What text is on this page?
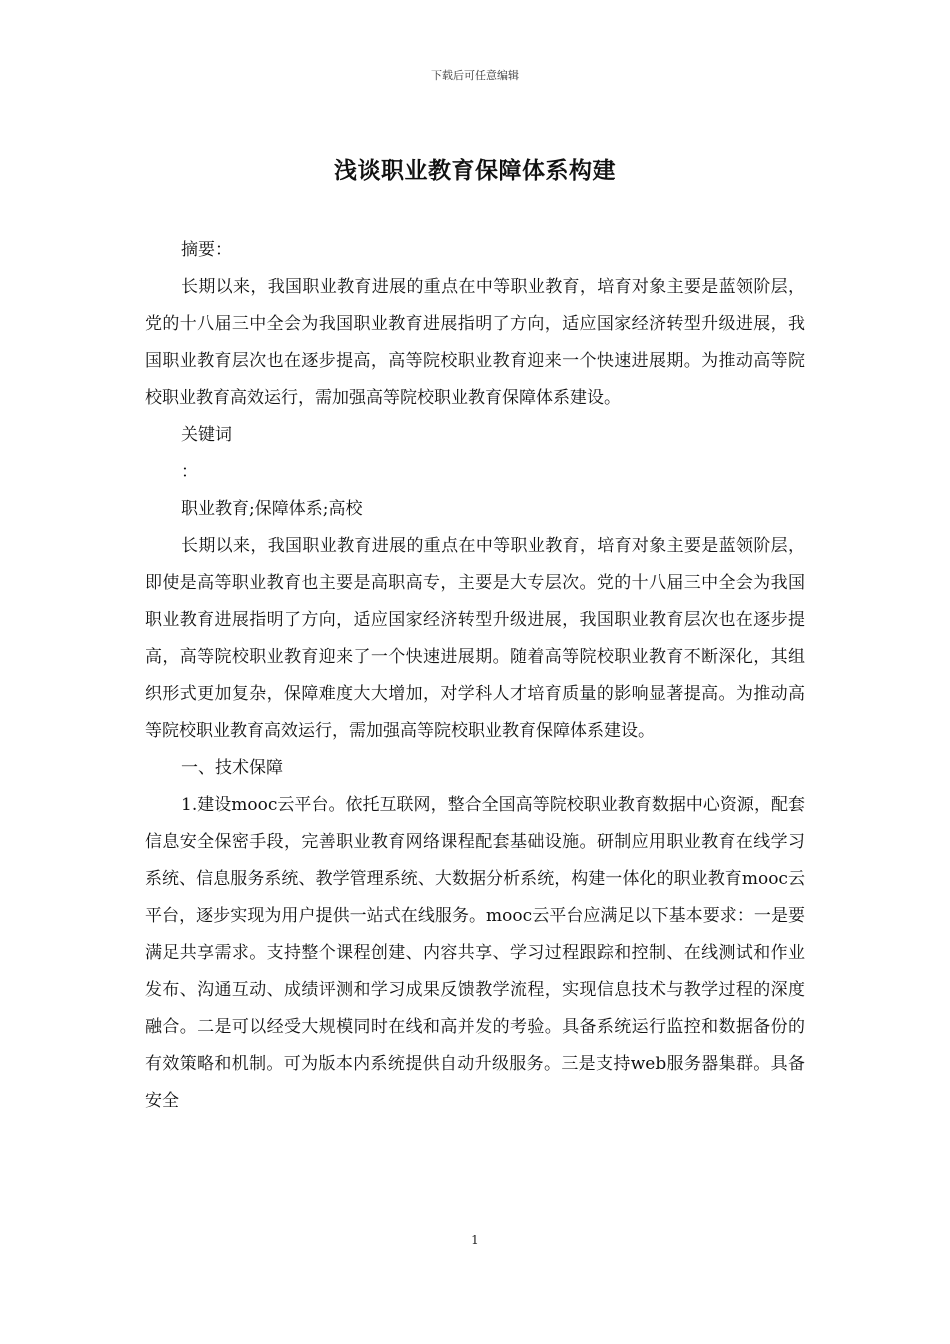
下载后可任意编辑
浅谈职业教育保障体系构建

摘要：

长期以来，我国职业教育进展的重点在中等职业教育，培育对象主要是蓝领阶层，党的十八届三中全会为我国职业教育进展指明了方向，适应国家经济转型升级进展，我国职业教育层次也在逐步提高，高等院校职业教育迎来一个快速进展期。为推动高等院校职业教育高效运行，需加强高等院校职业教育保障体系建设。

关键词

：

职业教育;保障体系;高校

长期以来，我国职业教育进展的重点在中等职业教育，培育对象主要是蓝领阶层，即使是高等职业教育也主要是高职高专，主要是大专层次。党的十八届三中全会为我国职业教育进展指明了方向，适应国家经济转型升级进展，我国职业教育层次也在逐步提高，高等院校职业教育迎来了一个快速进展期。随着高等院校职业教育不断深化，其组织形式更加复杂，保障难度大大增加，对学科人才培育质量的影响显著提高。为推动高等院校职业教育高效运行，需加强高等院校职业教育保障体系建设。

一、技术保障

1.建设mooc云平台。依托互联网，整合全国高等院校职业教育数据中心资源，配套信息安全保密手段，完善职业教育网络课程配套基础设施。研制应用职业教育在线学习系统、信息服务系统、教学管理系统、大数据分析系统，构建一体化的职业教育mooc云平台，逐步实现为用户提供一站式在线服务。mooc云平台应满足以下基本要求：一是要满足共享需求。支持整个课程创建、内容共享、学习过程跟踪和控制、在线测试和作业发布、沟通互动、成绩评测和学习成果反馈教学流程，实现信息技术与教学过程的深度融合。二是可以经受大规模同时在线和高并发的考验。具备系统运行监控和数据备份的有效策略和机制。可为版本内系统提供自动升级服务。三是支持web服务器集群。具备安全

1
